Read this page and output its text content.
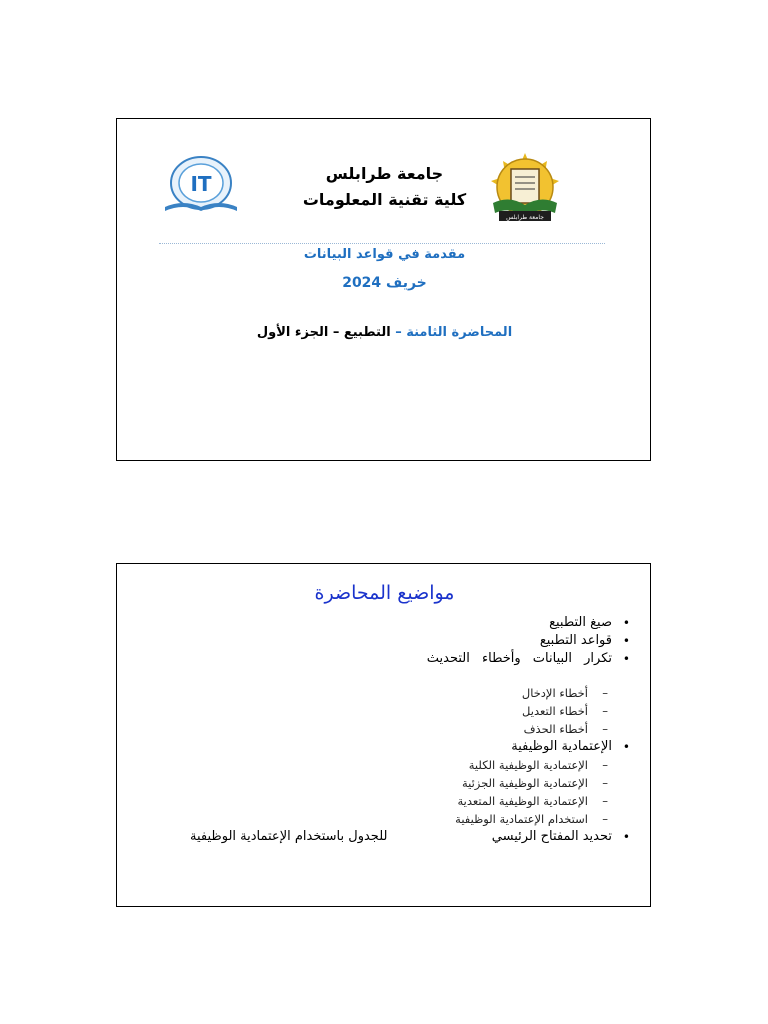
IT	جامعة طرابلس
كلية تقنية المعلومات
جامعة طرابلس
مقدمة في قواعد البيانات
خريف 2024
المحاضرة الثامنة – التطبيع – الجزء الأول
مواضيع المحاضرة
•
صيغ التطبيع
•
قواعد التطبيع
•
تكرار البيانات وأخطاء التحديث
–
أخطاء الإدخال
–
أخطاء التعديل
–
أخطاء الحذف
•
الإعتمادية الوظيفية
–
الإعتمادية الوظيفية الكلية
–
الإعتمادية الوظيفية الجزئية
–
الإعتمادية الوظيفية المتعدية
–
استخدام الإعتمادية الوظيفية
•
تحديد المفتاح الرئيسي
للجدول باستخدام الإعتمادية الوظيفية
